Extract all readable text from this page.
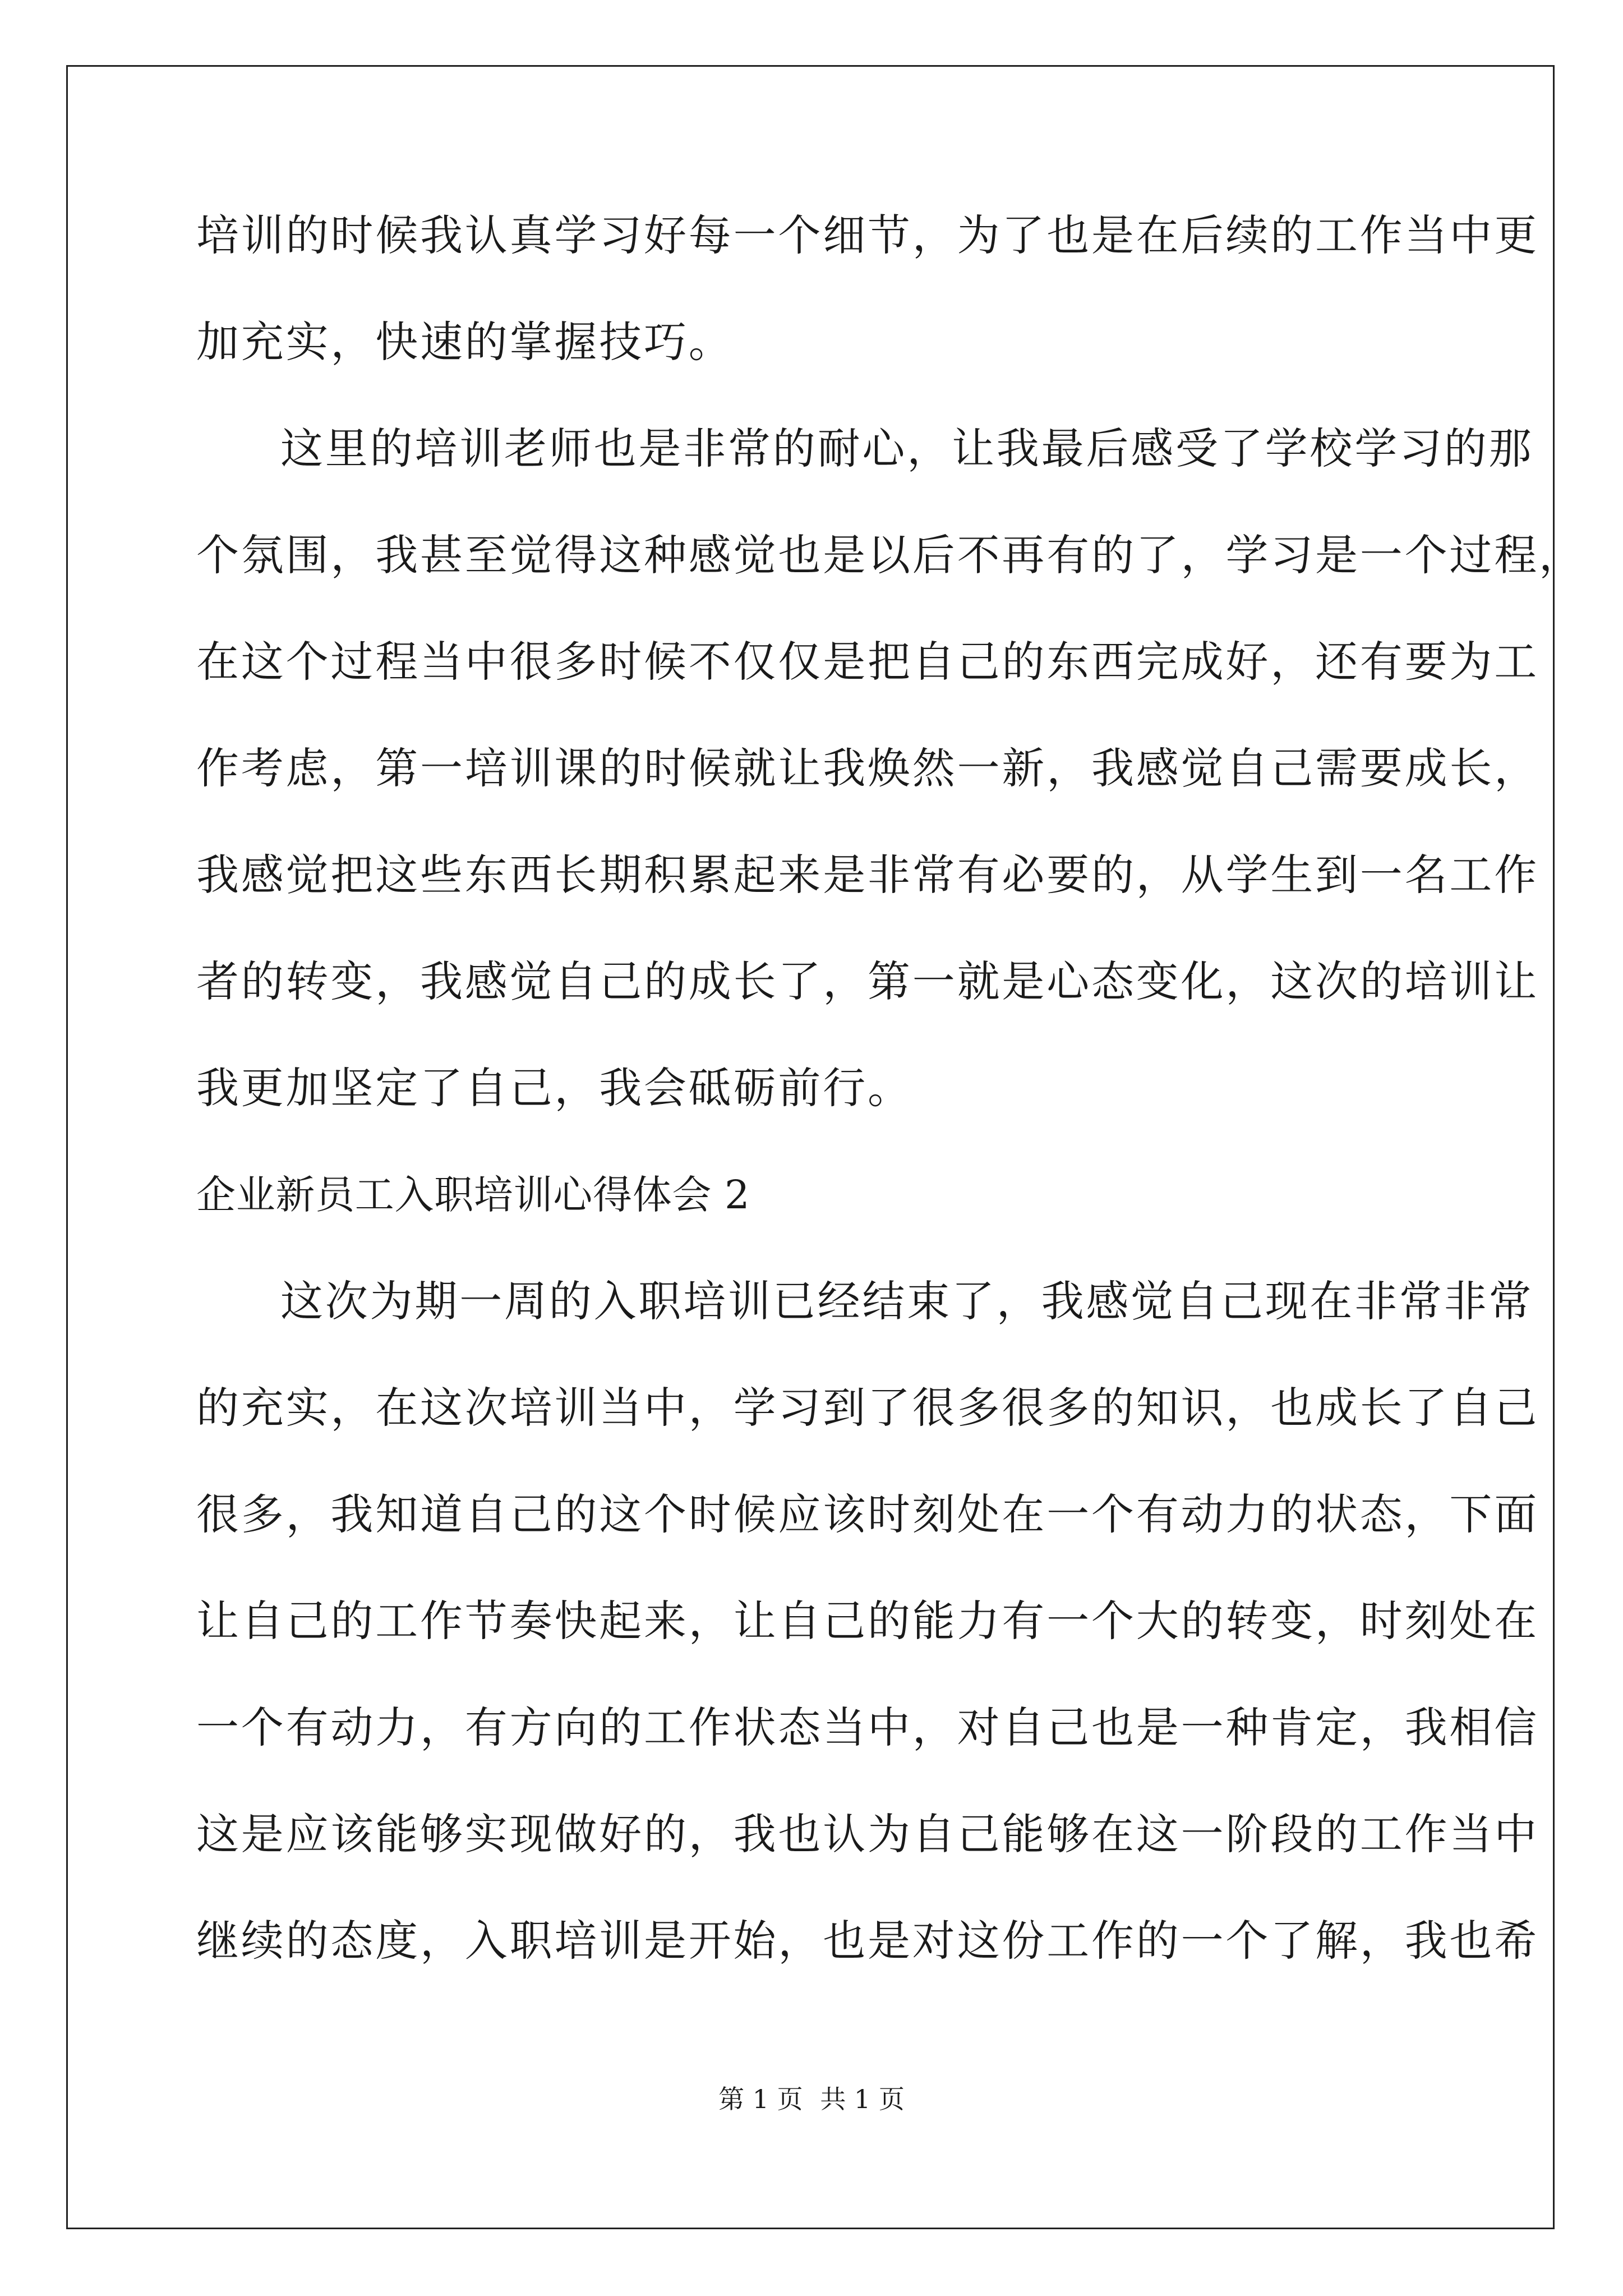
培训的时候我认真学习好每一个细节，为了也是在后续的工作当中更
加充实，快速的掌握技巧。
这里的培训老师也是非常的耐心，让我最后感受了学校学习的那
个氛围，我甚至觉得这种感觉也是以后不再有的了，学习是一个过程，
在这个过程当中很多时候不仅仅是把自己的东西完成好，还有要为工
作考虑，第一培训课的时候就让我焕然一新，我感觉自己需要成长，
我感觉把这些东西长期积累起来是非常有必要的，从学生到一名工作
者的转变，我感觉自己的成长了，第一就是心态变化，这次的培训让
我更加坚定了自己，我会砥砺前行。
企业新员工入职培训心得体会 2
这次为期一周的入职培训已经结束了，我感觉自己现在非常非常
的充实，在这次培训当中，学习到了很多很多的知识，也成长了自己
很多，我知道自己的这个时候应该时刻处在一个有动力的状态，下面
让自己的工作节奏快起来，让自己的能力有一个大的转变，时刻处在
一个有动力，有方向的工作状态当中，对自己也是一种肯定，我相信
这是应该能够实现做好的，我也认为自己能够在这一阶段的工作当中
继续的态度，入职培训是开始，也是对这份工作的一个了解，我也希
第 1 页 共 1 页
